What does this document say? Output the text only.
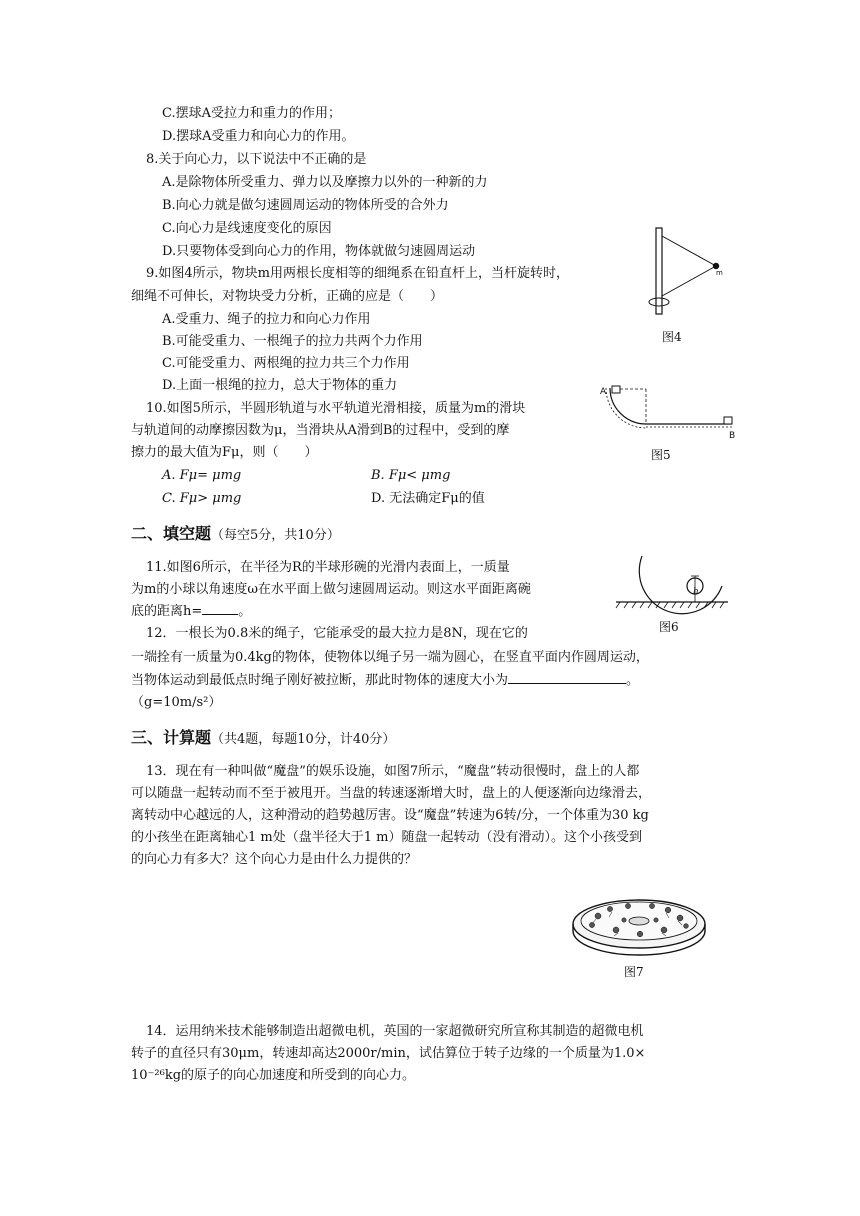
C.摆球A受拉力和重力的作用；
D.摆球A受重力和向心力的作用。
8.关于向心力，以下说法中不正确的是
A.是除物体所受重力、弹力以及摩擦力以外的一种新的力
B.向心力就是做匀速圆周运动的物体所受的合外力
C.向心力是线速度变化的原因
D.只要物体受到向心力的作用，物体就做匀速圆周运动
9.如图4所示，物块m用两根长度相等的细绳系在铅直杆上，当杆旋转时，
细绳不可伸长，对物块受力分析，正确的应是（　　）
A.受重力、绳子的拉力和向心力作用
B.可能受重力、一根绳子的拉力共两个力作用
C.可能受重力、两根绳的拉力共三个力作用
D.上面一根绳的拉力，总大于物体的重力
m
图4
10.如图5所示，半圆形轨道与水平轨道光滑相接，质量为m的滑块
与轨道间的动摩擦因数为μ，当滑块从A滑到B的过程中，受到的摩
擦力的最大值为Fμ，则（　　）
A. Fμ= μmg	B. Fμ< μmg
C. Fμ> μmg	D. 无法确定Fμ的值
A
B
图5
二、填空题（每空5分，共10分）
11.如图6所示，在半径为R的半球形碗的光滑内表面上，一质量
为m的小球以角速度ω在水平面上做匀速圆周运动。则这水平面距离碗
底的距离h=	。
h
图6
12．一根长为0.8米的绳子，它能承受的最大拉力是8N，现在它的
一端拴有一质量为0.4kg的物体，使物体以绳子另一端为圆心，在竖直平面内作圆周运动，
当物体运动到最低点时绳子刚好被拉断，那此时物体的速度大小为	。
（g=10m/s²）
三、计算题（共4题，每题10分，计40分）
13．现在有一种叫做“魔盘”的娱乐设施，如图7所示，“魔盘”转动很慢时，盘上的人都
可以随盘一起转动而不至于被甩开。当盘的转速逐渐增大时，盘上的人便逐渐向边缘滑去，
离转动中心越远的人，这种滑动的趋势越厉害。设“魔盘”转速为6转/分，一个体重为30 kg
的小孩坐在距离轴心1 m处（盘半径大于1 m）随盘一起转动（没有滑动）。这个小孩受到
的向心力有多大？这个向心力是由什么力提供的？
图7
14．运用纳米技术能够制造出超微电机，英国的一家超微研究所宣称其制造的超微电机
转子的直径只有30μm，转速却高达2000r/min，试估算位于转子边缘的一个质量为1.0×
10⁻²⁶kg的原子的向心加速度和所受到的向心力。
